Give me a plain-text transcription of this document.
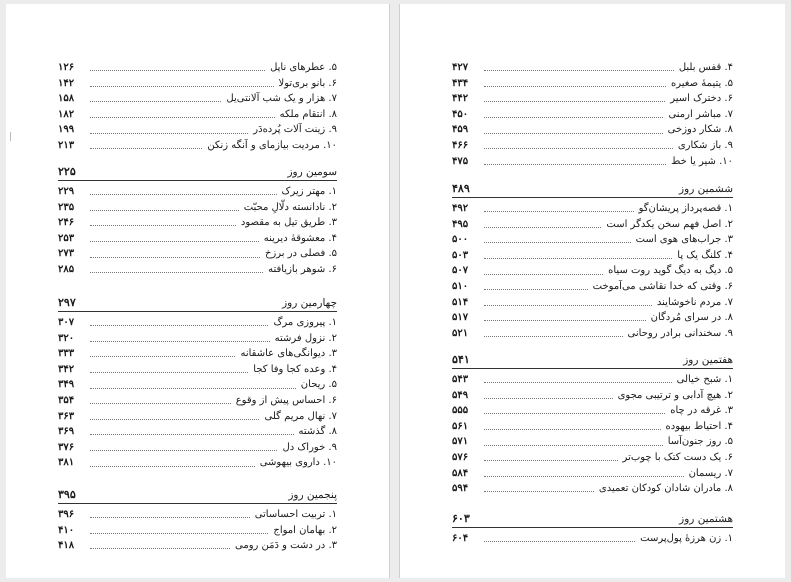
۵. عطرهای ناپل
۱۲۶
۶. بانو بری‌تولا
۱۴۲
۷. هزار و یک شب آلانتی‌یل
۱۵۸
۸. انتقام ملکه
۱۸۲
۹. زینت آلات پُرده‌دَر
۱۹۹
۱۰. مردیت بیازمای و آنگه زنکن
۲۱۳
سومین روز
۲۲۵
۱. مهتر زیرک
۲۲۹
۲. نادانسته دلّالِ محبّت
۲۳۵
۳. طریق تیل به مقصود
۲۴۶
۴. معشوقهٔ دیرینه
۲۵۳
۵. فصلی در برزخ
۲۷۳
۶. شوهر بازیافته
۲۸۵
چهارمین روز
۲۹۷
۱. پیروزی مرگ
۳۰۷
۲. نزول فرشته
۳۲۰
۳. دیوانگی‌های عاشقانه
۳۳۳
۴. وعده کجا وفا کجا
۳۴۲
۵. ریحان
۳۴۹
۶. احساس پیش از وقوع
۳۵۴
۷. نهال مریم گلی
۳۶۳
۸. گذشته
۳۶۹
۹. خوراک دل
۳۷۶
۱۰. داروی بیهوشی
۳۸۱
پنجمین روز
۳۹۵
۱. تربیت احساساتی
۳۹۶
۲. بهامان امواج
۴۱۰
۳. در دشت و دَمَن رومی
۴۱۸
۴. قفس بلبل
۴۲۷
۵. یتیمهٔ صغیره
۴۳۴
۶. دخترک اسیر
۴۴۲
۷. مباشر ارمنی
۴۵۰
۸. شکار دوزخی
۴۵۹
۹. باز شکاری
۴۶۶
۱۰. شیر یا خط
۴۷۵
ششمین روز
۴۸۹
۱. قصه‌پرداز پریشان‌گو
۴۹۲
۲. اصل فهم سخن یکدگر است
۴۹۵
۳. جراب‌های هوی است
۵۰۰
۴. کلنگ یک پا
۵۰۳
۵. دیگ به دیگ گوید روت سیاه
۵۰۷
۶. وقتی که خدا نقاشی می‌آموخت
۵۱۰
۷. مردم ناخوشایند
۵۱۴
۸. در سرای مُردگان
۵۱۷
۹. سخندانی برادر روحانی
۵۲۱
هفتمین روز
۵۴۱
۱. شبح خیالی
۵۴۳
۲. هیچ آدابی و ترتیبی مجوی
۵۴۹
۳. غرقه در چاه
۵۵۵
۴. احتیاط بیهوده
۵۶۱
۵. روز جنون‌آسا
۵۷۱
۶. یک دست کتک با چوب‌تر
۵۷۶
۷. ریسمان
۵۸۴
۸. مادران شادان کودکان تعمیدی
۵۹۴
هشتمین روز
۶۰۳
۱. زن هرزهٔ پول‌پرست
۶۰۴
